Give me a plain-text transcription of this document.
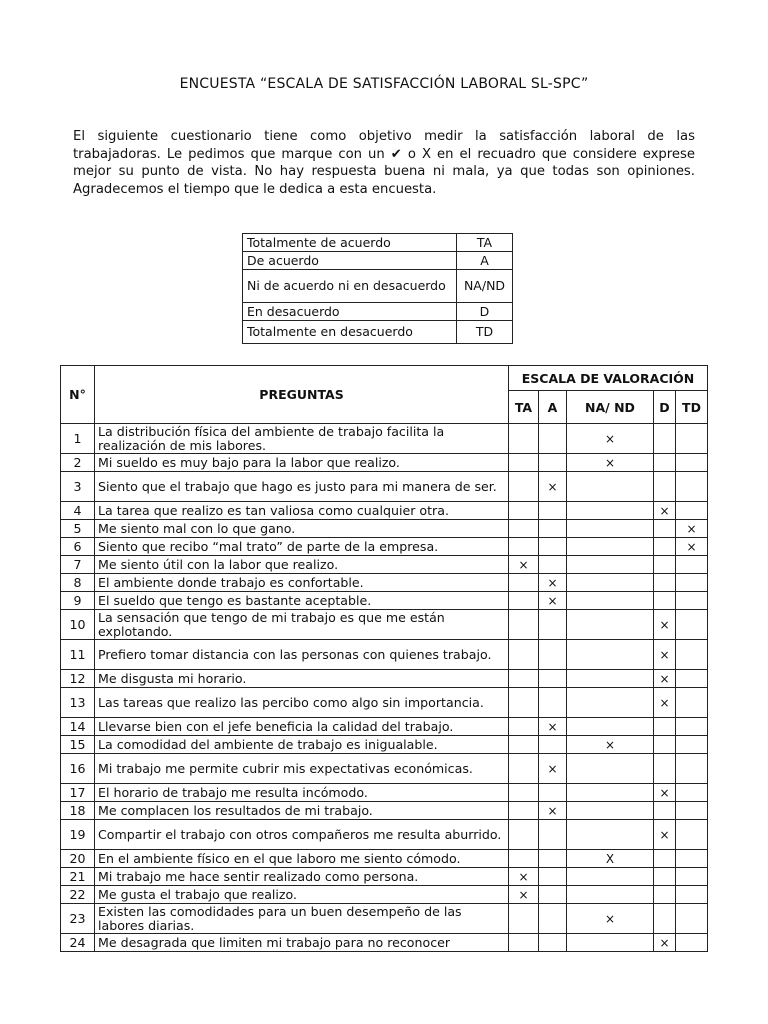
ENCUESTA “ESCALA DE SATISFACCIÓN LABORAL SL-SPC”
El siguiente cuestionario tiene como objetivo medir la satisfacción laboral de las trabajadoras. Le pedimos que marque con un ✔ o X en el recuadro que considere exprese mejor su punto de vista. No hay respuesta buena ni mala, ya que todas son opiniones. Agradecemos el tiempo que le dedica a esta encuesta.
Totalmente de acuerdo	TA
De acuerdo	A
Ni de acuerdo ni en desacuerdo	NA/ND
En desacuerdo	D
Totalmente en desacuerdo	TD
N°	PREGUNTAS	ESCALA DE VALORACIÓN				
		TA	A	NA/ ND	D	TD
1	La distribución física del ambiente de trabajo facilita la realización de mis labores.			×		
2	Mi sueldo es muy bajo para la labor que realizo.			×		
3	Siento que el trabajo que hago es justo para mi manera de ser.		×			
4	La tarea que realizo es tan valiosa como cualquier otra.				×	
5	Me siento mal con lo que gano.					×
6	Siento que recibo “mal trato” de parte de la empresa.					×
7	Me siento útil con la labor que realizo.	×				
8	El ambiente donde trabajo es confortable.		×			
9	El sueldo que tengo es bastante aceptable.		×			
10	La sensación que tengo de mi trabajo es que me están explotando.				×	
11	Prefiero tomar distancia con las personas con quienes trabajo.				×	
12	Me disgusta mi horario.				×	
13	Las tareas que realizo las percibo como algo sin importancia.				×	
14	Llevarse bien con el jefe beneficia la calidad del trabajo.		×			
15	La comodidad del ambiente de trabajo es inigualable.			×		
16	Mi trabajo me permite cubrir mis expectativas económicas.		×			
17	El horario de trabajo me resulta incómodo.				×	
18	Me complacen los resultados de mi trabajo.		×			
19	Compartir el trabajo con otros compañeros me resulta aburrido.				×	
20	En el ambiente físico en el que laboro me siento cómodo.			X		
21	Mi trabajo me hace sentir realizado como persona.	×				
22	Me gusta el trabajo que realizo.	×				
23	Existen las comodidades para un buen desempeño de las labores diarias.			×		
24	Me desagrada que limiten mi trabajo para no reconocer				×	
